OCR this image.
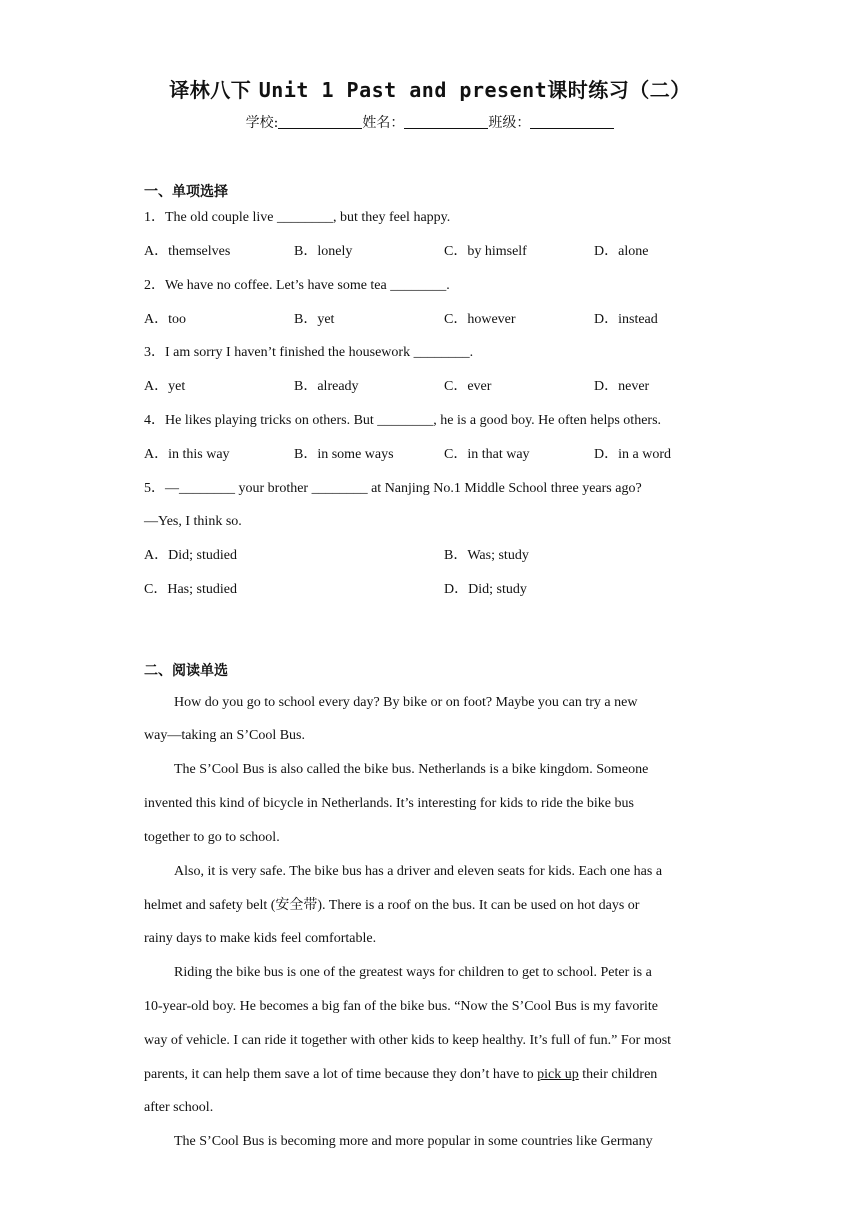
译林八下 Unit 1 Past and present课时练习（二）
学校:	姓名：	班级：
一、单项选择
1．The old couple live ________, but they feel happy.
A．themselves	B．lonely	C．by himself	D．alone
2．We have no coffee. Let’s have some tea ________.
A．too	B．yet	C．however	D．instead
3．I am sorry I haven’t finished the housework ________.
A．yet	B．already	C．ever	D．never
4．He likes playing tricks on others. But ________, he is a good boy. He often helps others.
A．in this way	B．in some ways	C．in that way	D．in a word
5．—________ your brother ________ at Nanjing No.1 Middle School three years ago?
—Yes, I think so.
A．Did; studied	B．Was; study
C．Has; studied	D．Did; study
二、阅读单选
How do you go to school every day? By bike or on foot? Maybe you can try a new
way—taking an S’Cool Bus.
The S’Cool Bus is also called the bike bus. Netherlands is a bike kingdom. Someone
invented this kind of bicycle in Netherlands. It’s interesting for kids to ride the bike bus
together to go to school.
Also, it is very safe. The bike bus has a driver and eleven seats for kids. Each one has a
helmet and safety belt (安全带). There is a roof on the bus. It can be used on hot days or
rainy days to make kids feel comfortable.
Riding the bike bus is one of the greatest ways for children to get to school. Peter is a
10-year-old boy. He becomes a big fan of the bike bus. “Now the S’Cool Bus is my favorite
way of vehicle. I can ride it together with other kids to keep healthy. It’s full of fun.” For most
parents, it can help them save a lot of time because they don’t have to pick up their children
after school.
The S’Cool Bus is becoming more and more popular in some countries like Germany
